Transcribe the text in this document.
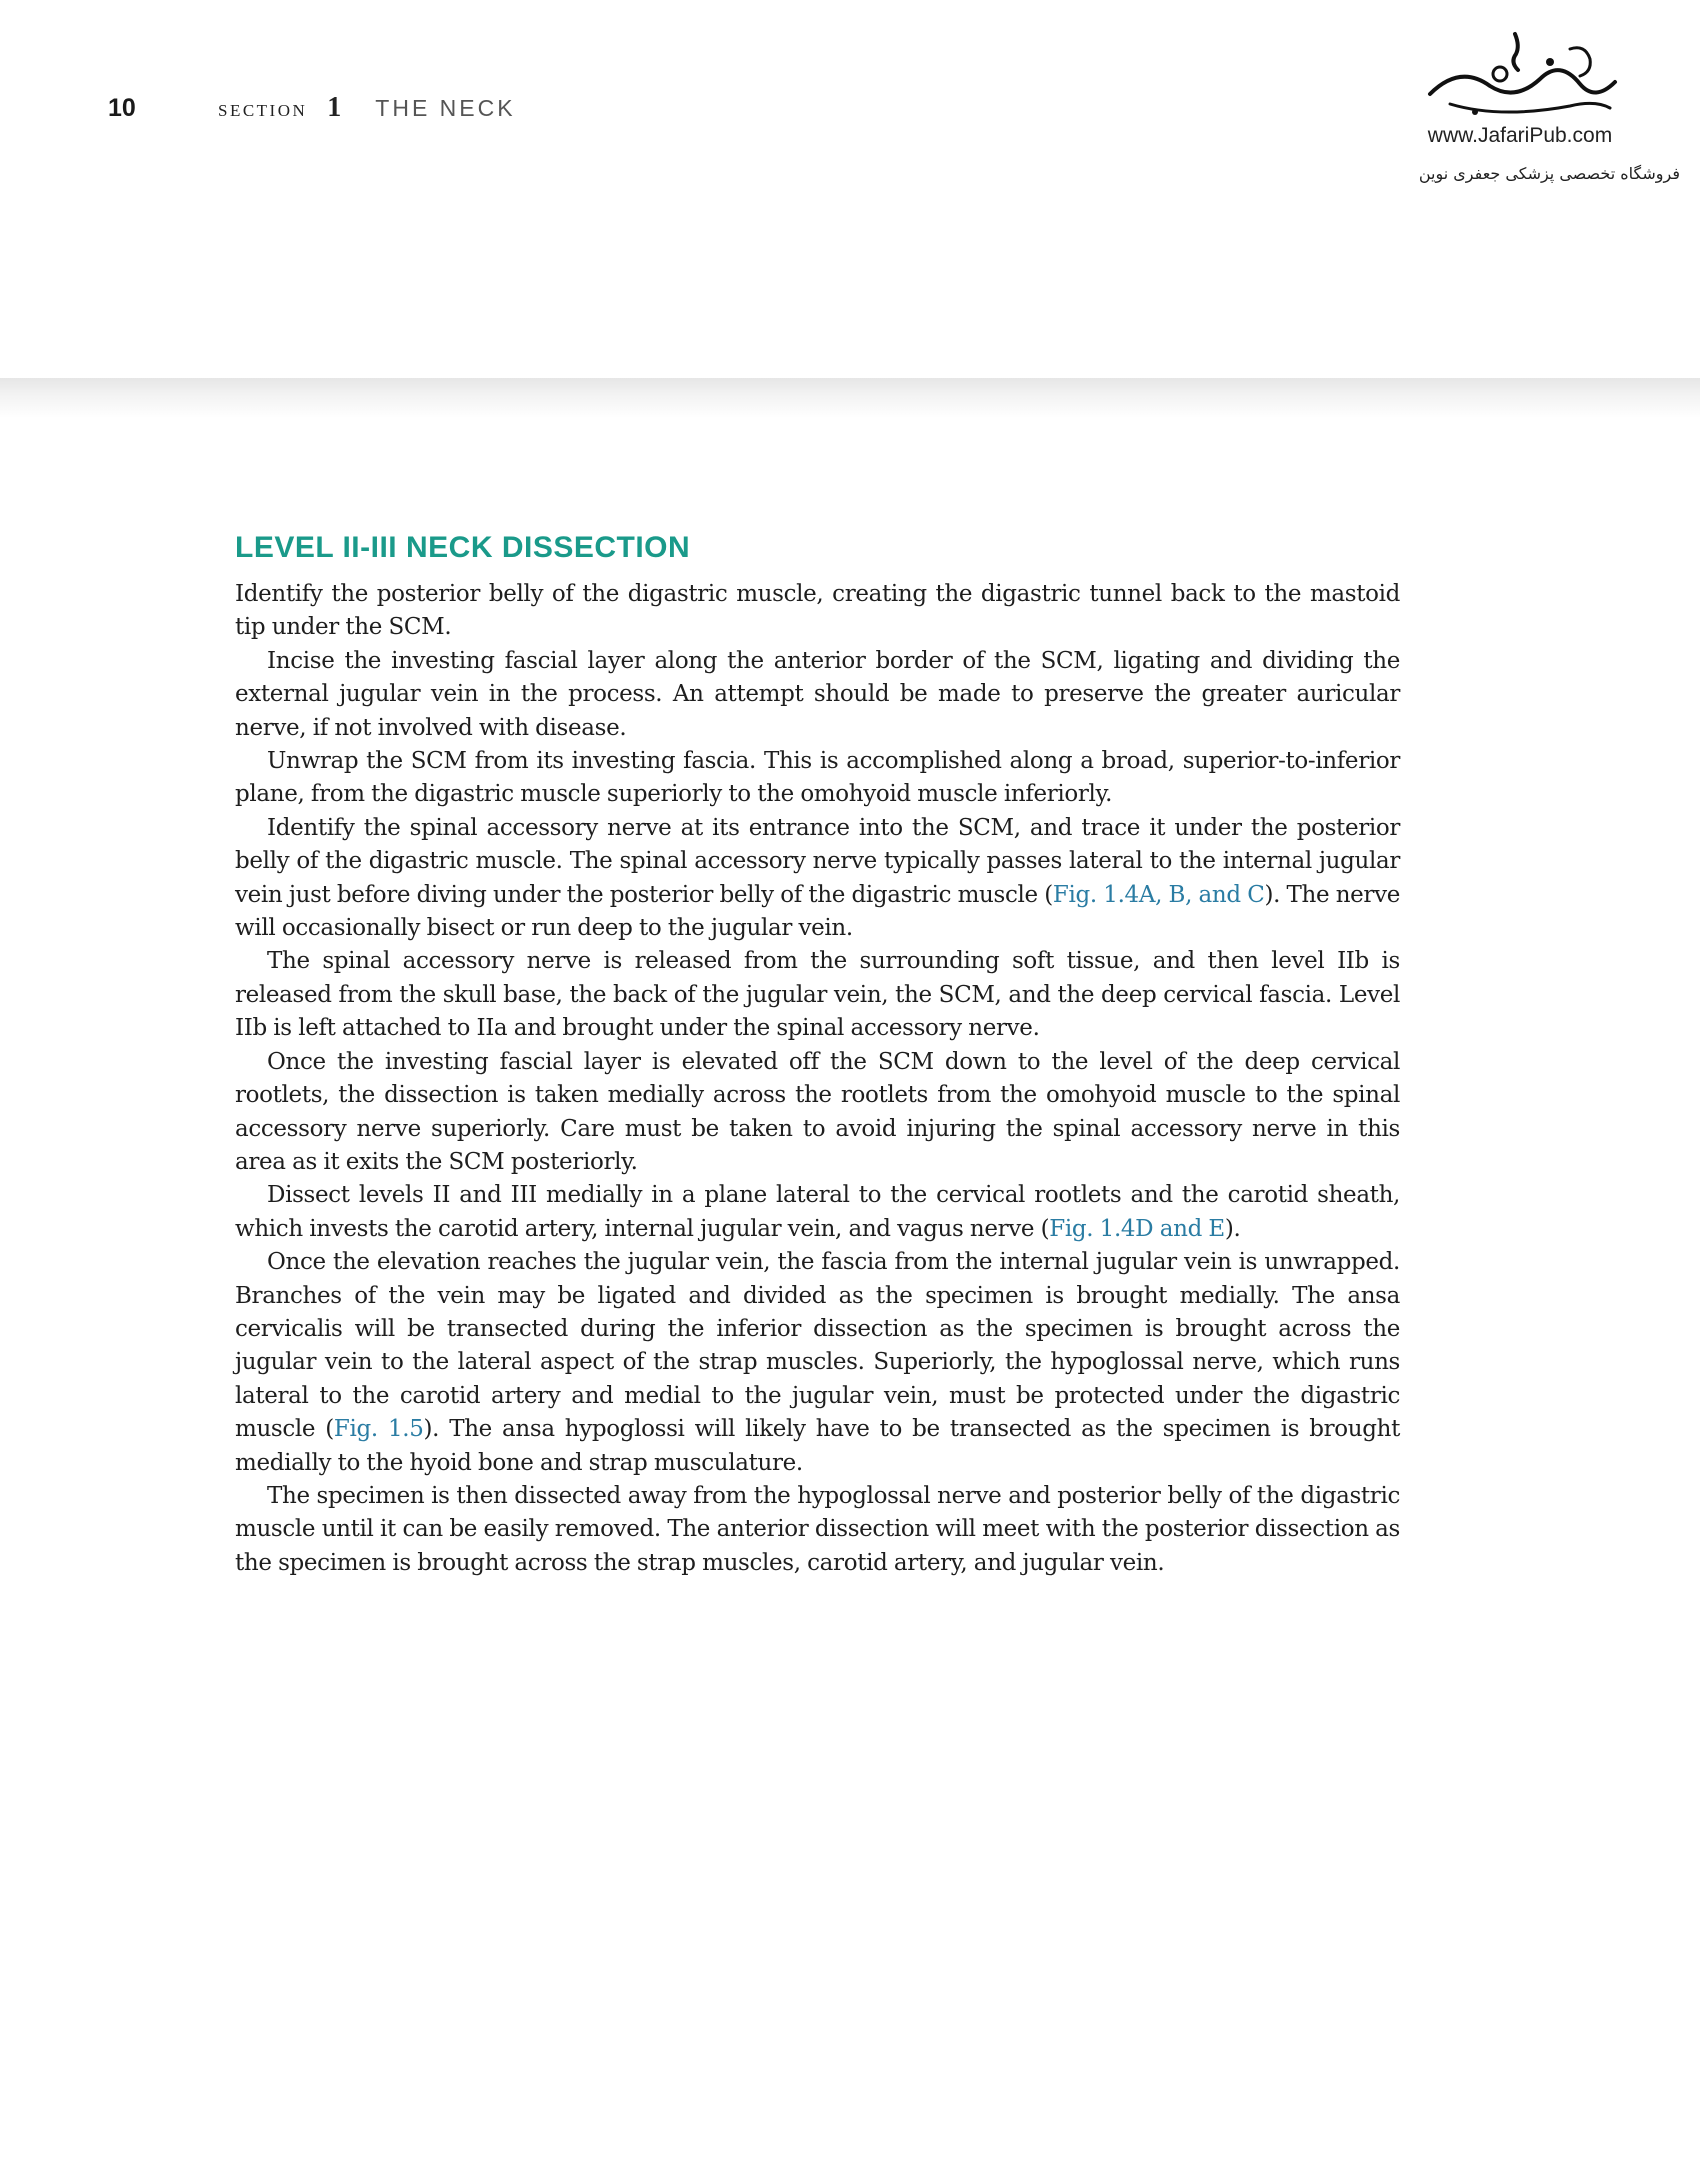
10	section 1 THE NECK
www.JafariPub.com
فروشگاه تخصصی پزشکی جعفری نوین
LEVEL II-III NECK DISSECTION

Identify the posterior belly of the digastric muscle, creating the digastric tunnel back to the mastoid tip under the SCM.

Incise the investing fascial layer along the anterior border of the SCM, ligating and dividing the external jugular vein in the process. An attempt should be made to preserve the greater auricular nerve, if not involved with disease.

Unwrap the SCM from its investing fascia. This is accomplished along a broad, superior-to-inferior plane, from the digastric muscle superiorly to the omohyoid muscle inferiorly.

Identify the spinal accessory nerve at its entrance into the SCM, and trace it under the posterior belly of the digastric muscle. The spinal accessory nerve typically passes lateral to the internal jugular vein just before diving under the posterior belly of the digastric muscle (Fig. 1.4A, B, and C). The nerve will occasionally bisect or run deep to the jugular vein.

The spinal accessory nerve is released from the surrounding soft tissue, and then level IIb is released from the skull base, the back of the jugular vein, the SCM, and the deep cervical fascia. Level IIb is left attached to IIa and brought under the spinal accessory nerve.

Once the investing fascial layer is elevated off the SCM down to the level of the deep cervical rootlets, the dissection is taken medially across the rootlets from the omohyoid muscle to the spinal accessory nerve superiorly. Care must be taken to avoid injuring the spinal accessory nerve in this area as it exits the SCM posteriorly.

Dissect levels II and III medially in a plane lateral to the cervical rootlets and the carotid sheath, which invests the carotid artery, internal jugular vein, and vagus nerve (Fig. 1.4D and E).

Once the elevation reaches the jugular vein, the fascia from the internal jugular vein is unwrapped. Branches of the vein may be ligated and divided as the specimen is brought medially. The ansa cervicalis will be transected during the inferior dissection as the specimen is brought across the jugular vein to the lateral aspect of the strap muscles. Superiorly, the hypoglossal nerve, which runs lateral to the carotid artery and medial to the jugular vein, must be protected under the digastric muscle (Fig. 1.5). The ansa hypoglossi will likely have to be transected as the specimen is brought medially to the hyoid bone and strap musculature.

The specimen is then dissected away from the hypoglossal nerve and posterior belly of the digastric muscle until it can be easily removed. The anterior dissection will meet with the posterior dissection as the specimen is brought across the strap muscles, carotid artery, and jugular vein.
